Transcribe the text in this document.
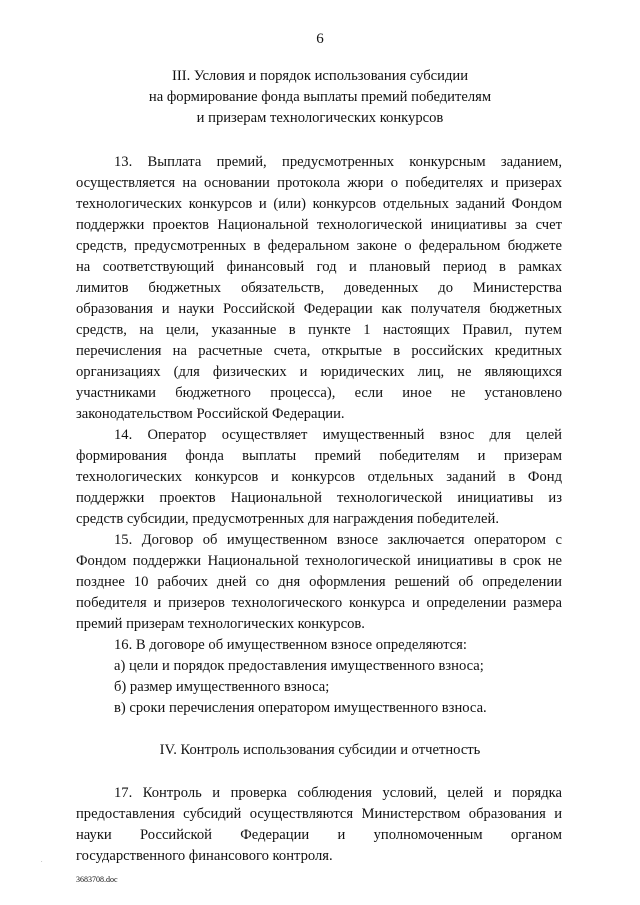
6
III. Условия и порядок использования субсидии
на формирование фонда выплаты премий победителям
и призерам технологических конкурсов
13. Выплата премий, предусмотренных конкурсным заданием,
осуществляется на основании протокола жюри о победителях и призерах
технологических конкурсов и (или) конкурсов отдельных заданий Фондом
поддержки проектов Национальной технологической инициативы за счет
средств, предусмотренных в федеральном законе о федеральном бюджете
на соответствующий финансовый год и плановый период в рамках
лимитов бюджетных обязательств, доведенных до Министерства
образования и науки Российской Федерации как получателя бюджетных
средств, на цели, указанные в пункте 1 настоящих Правил, путем
перечисления на расчетные счета, открытые в российских кредитных
организациях (для физических и юридических лиц, не являющихся
участниками бюджетного процесса), если иное не установлено
законодательством Российской Федерации.
14. Оператор осуществляет имущественный взнос для целей
формирования фонда выплаты премий победителям и призерам
технологических конкурсов и конкурсов отдельных заданий в Фонд
поддержки проектов Национальной технологической инициативы из
средств субсидии, предусмотренных для награждения победителей.
15. Договор об имущественном взносе заключается оператором с
Фондом поддержки Национальной технологической инициативы в срок не
позднее 10 рабочих дней со дня оформления решений об определении
победителя и призеров технологического конкурса и определении размера
премий призерам технологических конкурсов.
16. В договоре об имущественном взносе определяются:
а) цели и порядок предоставления имущественного взноса;
б) размер имущественного взноса;
в) сроки перечисления оператором имущественного взноса.
IV. Контроль использования субсидии и отчетность
17. Контроль и проверка соблюдения условий, целей и порядка
предоставления субсидий осуществляются Министерством образования и
науки Российской Федерации и уполномоченным органом
государственного финансового контроля.
3683708.doc
.
